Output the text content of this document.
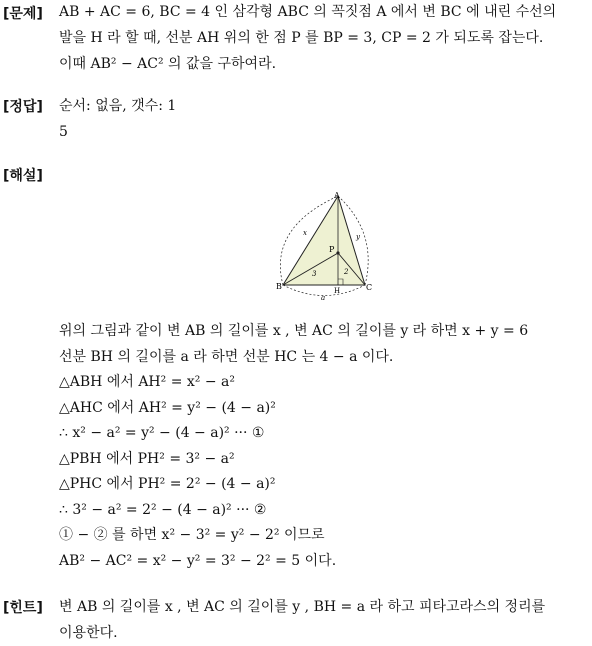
[문제] AB + AC = 6, BC = 4 인 삼각형 ABC 의 꼭짓점 A 에서 변 BC 에 내린 수선의
발을 H 라 할 때, 선분 AH 위의 한 점 P 를 BP = 3, CP = 2 가 되도록 잡는다.
이때 AB² − AC² 의 값을 구하여라.
[정답] 순서: 없음, 갯수: 1
5
[해설]
A
B	C
P
H
x	y
3	2
a
위의 그림과 같이 변 AB 의 길이를 x , 변 AC 의 길이를 y 라 하면 x + y = 6
선분 BH 의 길이를 a 라 하면 선분 HC 는 4 − a 이다.
△ABH 에서 AH² = x² − a²
△AHC 에서 AH² = y² − (4 − a)²
∴ x² − a² = y² − (4 − a)² ··· ①
△PBH 에서 PH² = 3² − a²
△PHC 에서 PH² = 2² − (4 − a)²
∴ 3² − a² = 2² − (4 − a)² ··· ②
① − ② 를 하면 x² − 3² = y² − 2² 이므로
AB² − AC² = x² − y² = 3² − 2² = 5 이다.
[힌트] 변 AB 의 길이를 x , 변 AC 의 길이를 y , BH = a 라 하고 피타고라스의 정리를
이용한다.
